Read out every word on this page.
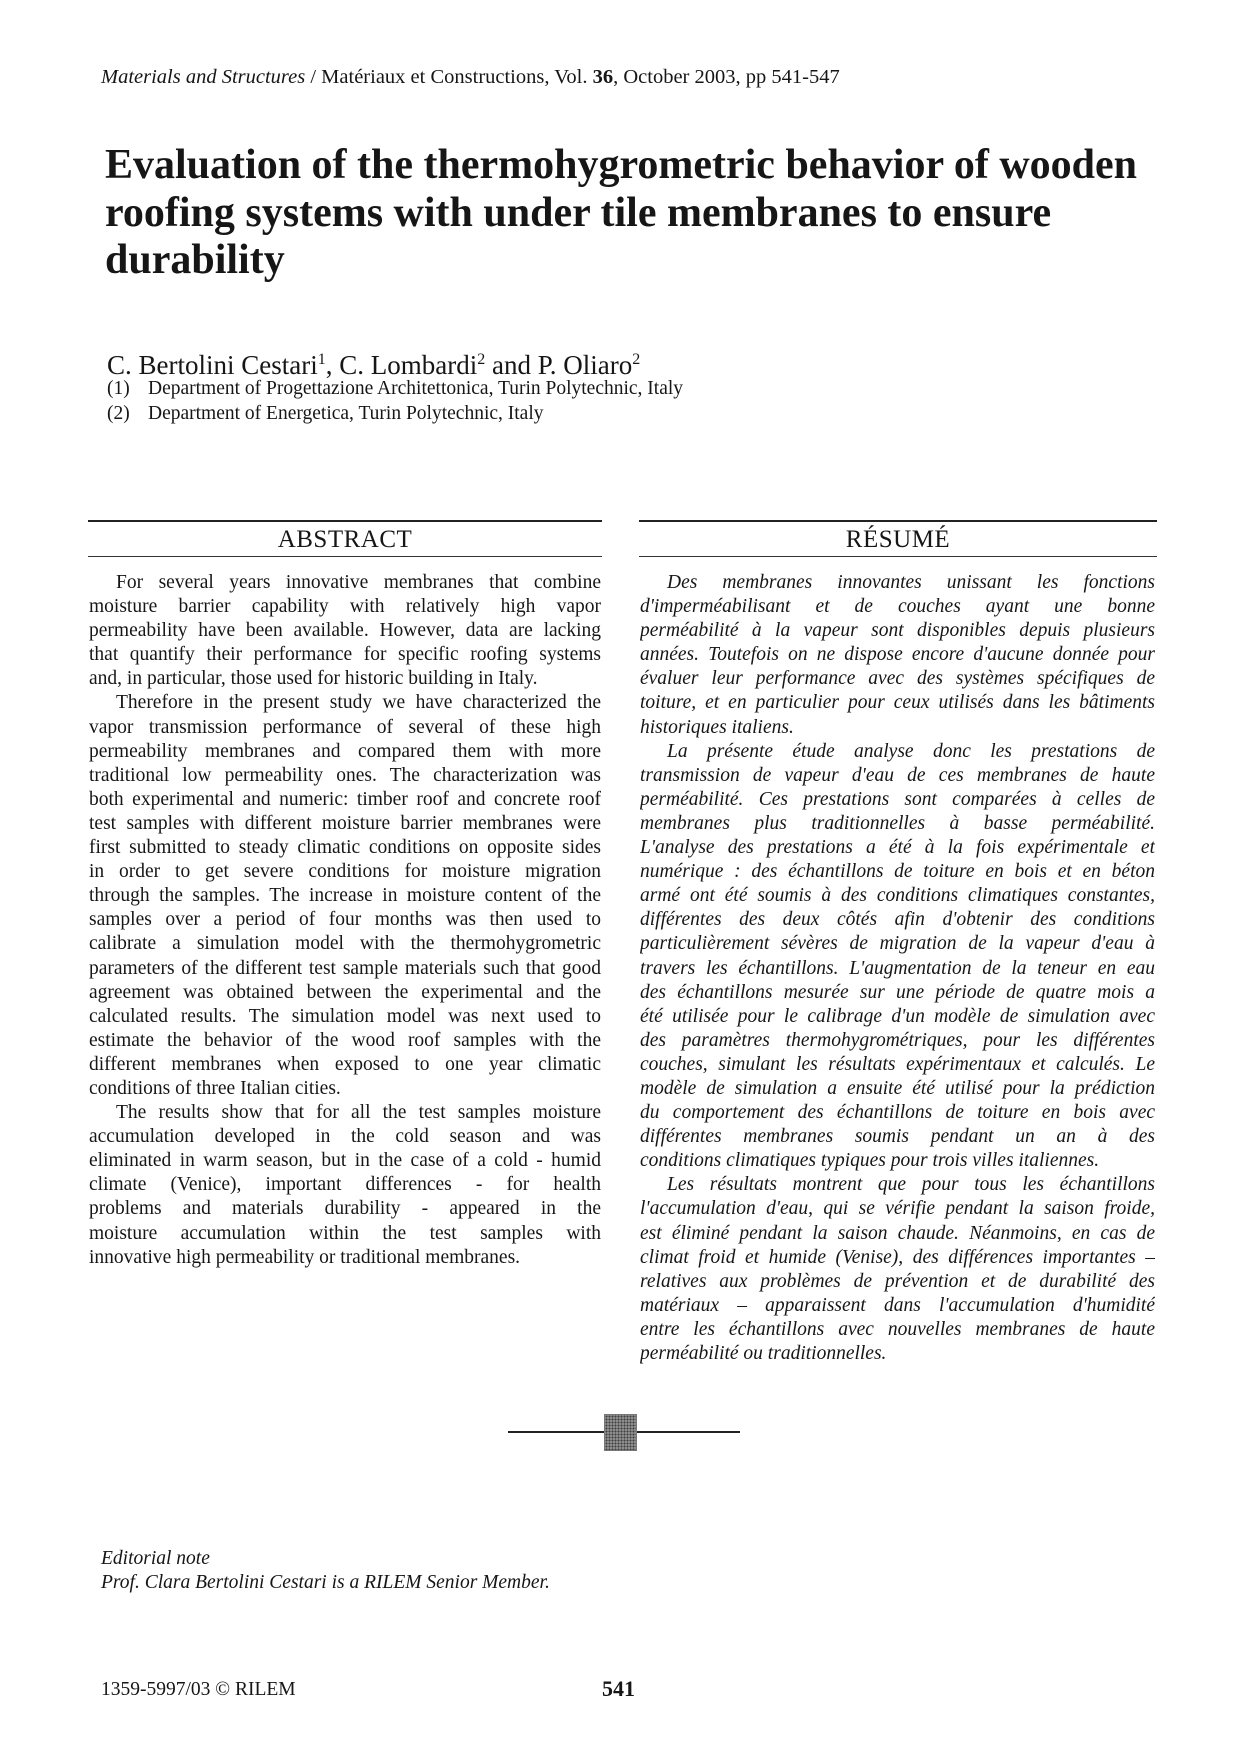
Materials and Structures / Matériaux et Constructions, Vol. 36, October 2003, pp 541-547
Evaluation of the thermohygrometric behavior of wooden
roofing systems with under tile membranes to ensure
durability
C. Bertolini Cestari$^1$, C. Lombardi$^2$ and P. Oliaro$^2$
(1) Department of Progettazione Architettonica, Turin Polytechnic, Italy
(2) Department of Energetica, Turin Polytechnic, Italy
ABSTRACT	RÉSUMÉ
For several years innovative membranes that combine
moisture barrier capability with relatively high vapor
permeability have been available. However, data are lacking
that quantify their performance for specific roofing systems
and, in particular, those used for historic building in Italy.
Therefore in the present study we have characterized the
vapor transmission performance of several of these high
permeability membranes and compared them with more
traditional low permeability ones. The characterization was
both experimental and numeric: timber roof and concrete roof
test samples with different moisture barrier membranes were
first submitted to steady climatic conditions on opposite sides
in order to get severe conditions for moisture migration
through the samples. The increase in moisture content of the
samples over a period of four months was then used to
calibrate a simulation model with the thermohygrometric
parameters of the different test sample materials such that good
agreement was obtained between the experimental and the
calculated results. The simulation model was next used to
estimate the behavior of the wood roof samples with the
different membranes when exposed to one year climatic
conditions of three Italian cities.
The results show that for all the test samples moisture
accumulation developed in the cold season and was
eliminated in warm season, but in the case of a cold - humid
climate (Venice), important differences - for health
problems and materials durability - appeared in the
moisture accumulation within the test samples with
innovative high permeability or traditional membranes.
Des membranes innovantes unissant les fonctions
d'imperméabilisant et de couches ayant une bonne
perméabilité à la vapeur sont disponibles depuis plusieurs
années. Toutefois on ne dispose encore d'aucune donnée pour
évaluer leur performance avec des systèmes spécifiques de
toiture, et en particulier pour ceux utilisés dans les bâtiments
historiques italiens.
La présente étude analyse donc les prestations de
transmission de vapeur d'eau de ces membranes de haute
perméabilité. Ces prestations sont comparées à celles de
membranes plus traditionnelles à basse perméabilité.
L'analyse des prestations a été à la fois expérimentale et
numérique : des échantillons de toiture en bois et en béton
armé ont été soumis à des conditions climatiques constantes,
différentes des deux côtés afin d'obtenir des conditions
particulièrement sévères de migration de la vapeur d'eau à
travers les échantillons. L'augmentation de la teneur en eau
des échantillons mesurée sur une période de quatre mois a
été utilisée pour le calibrage d'un modèle de simulation avec
des paramètres thermohygrométriques, pour les différentes
couches, simulant les résultats expérimentaux et calculés. Le
modèle de simulation a ensuite été utilisé pour la prédiction
du comportement des échantillons de toiture en bois avec
différentes membranes soumis pendant un an à des
conditions climatiques typiques pour trois villes italiennes.
Les résultats montrent que pour tous les échantillons
l'accumulation d'eau, qui se vérifie pendant la saison froide,
est éliminé pendant la saison chaude. Néanmoins, en cas de
climat froid et humide (Venise), des différences importantes –
relatives aux problèmes de prévention et de durabilité des
matériaux – apparaissent dans l'accumulation d'humidité
entre les échantillons avec nouvelles membranes de haute
perméabilité ou traditionnelles.
Editorial note
Prof. Clara Bertolini Cestari is a RILEM Senior Member.
1359-5997/03 © RILEM	541
